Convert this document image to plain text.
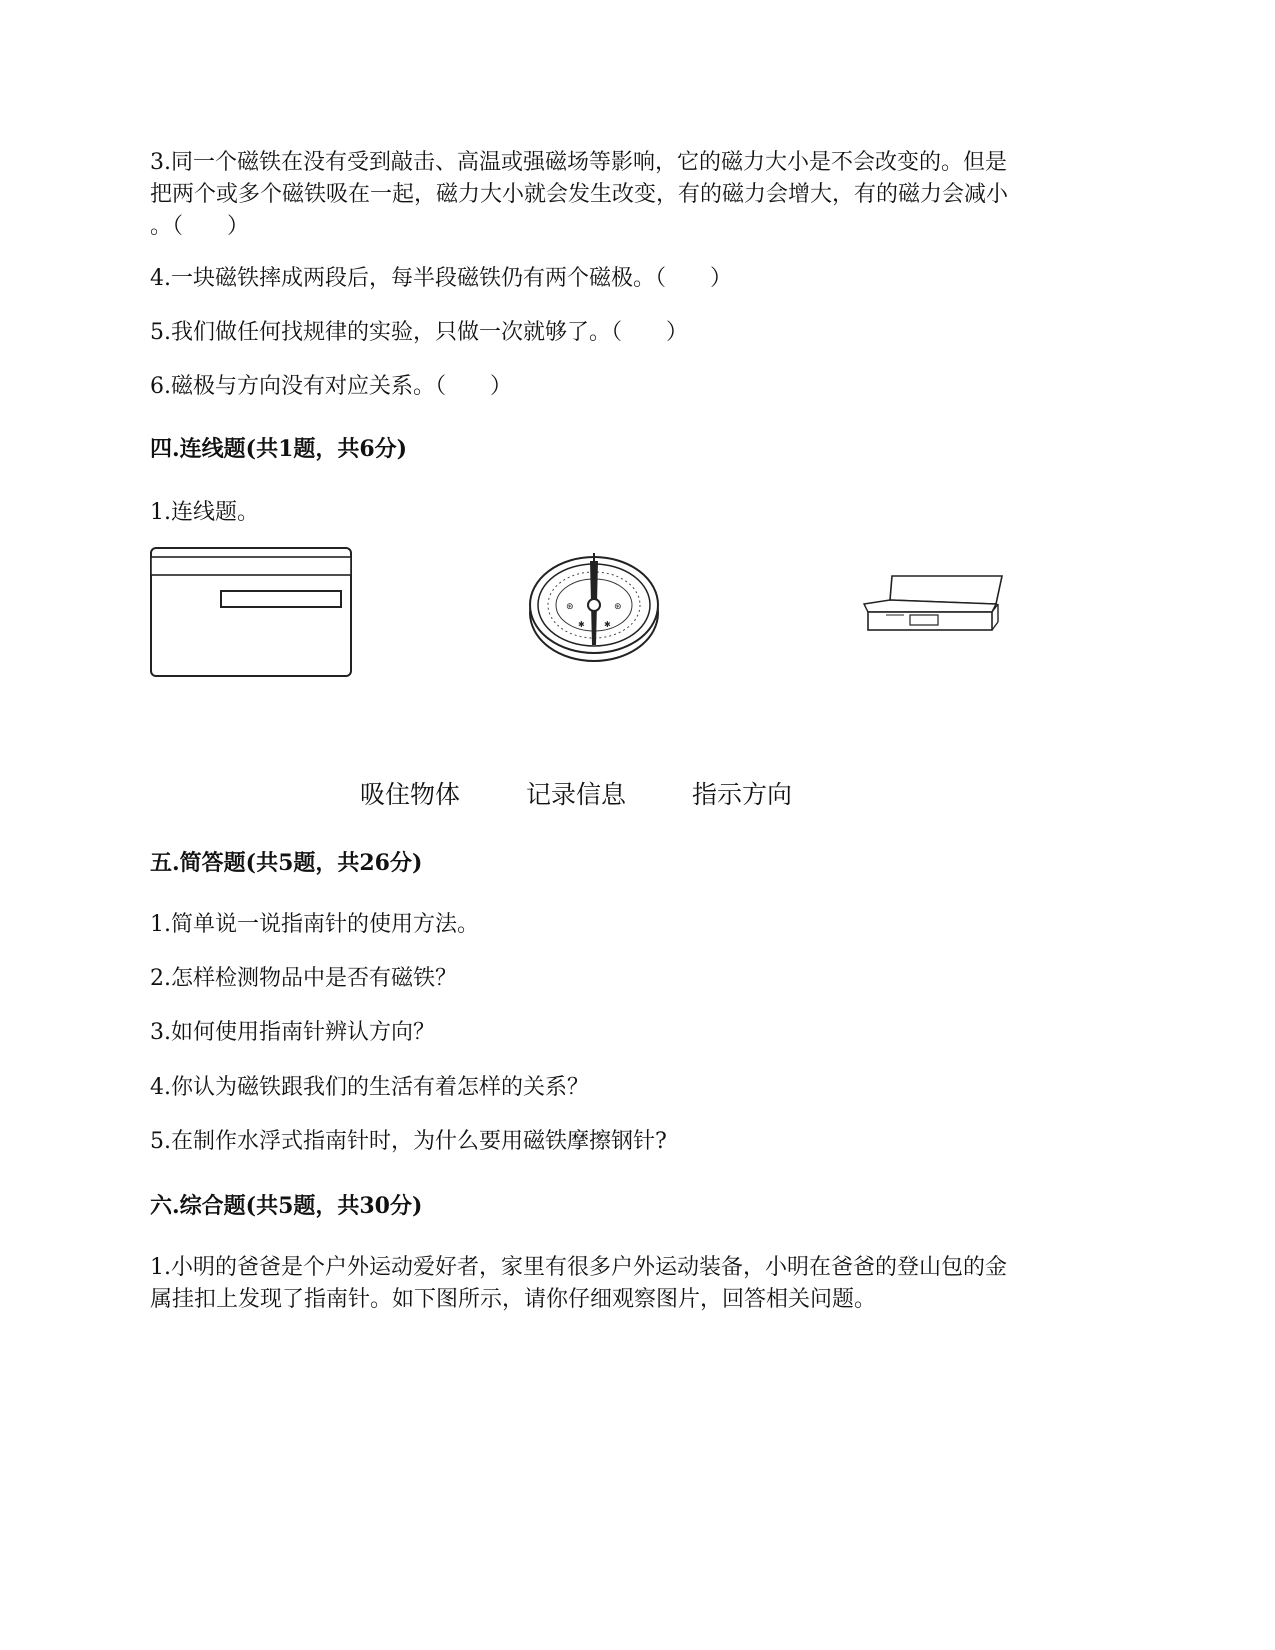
3.同一个磁铁在没有受到敲击、高温或强磁场等影响，它的磁力大小是不会改变的。但是
把两个或多个磁铁吸在一起，磁力大小就会发生改变，有的磁力会增大，有的磁力会减小
。（　　）
4.一块磁铁摔成两段后，每半段磁铁仍有两个磁极。（　　）
5.我们做任何找规律的实验，只做一次就够了。（　　）
6.磁极与方向没有对应关系。（　　）
四.连线题(共1题，共6分)
1.连线题。
⊛	⊛
✱ ✱
吸住物体	记录信息	指示方向
五.简答题(共5题，共26分)
1.简单说一说指南针的使用方法。
2.怎样检测物品中是否有磁铁？
3.如何使用指南针辨认方向？
4.你认为磁铁跟我们的生活有着怎样的关系？
5.在制作水浮式指南针时，为什么要用磁铁摩擦钢针?
六.综合题(共5题，共30分)
1.小明的爸爸是个户外运动爱好者，家里有很多户外运动装备，小明在爸爸的登山包的金
属挂扣上发现了指南针。如下图所示，请你仔细观察图片，回答相关问题。
